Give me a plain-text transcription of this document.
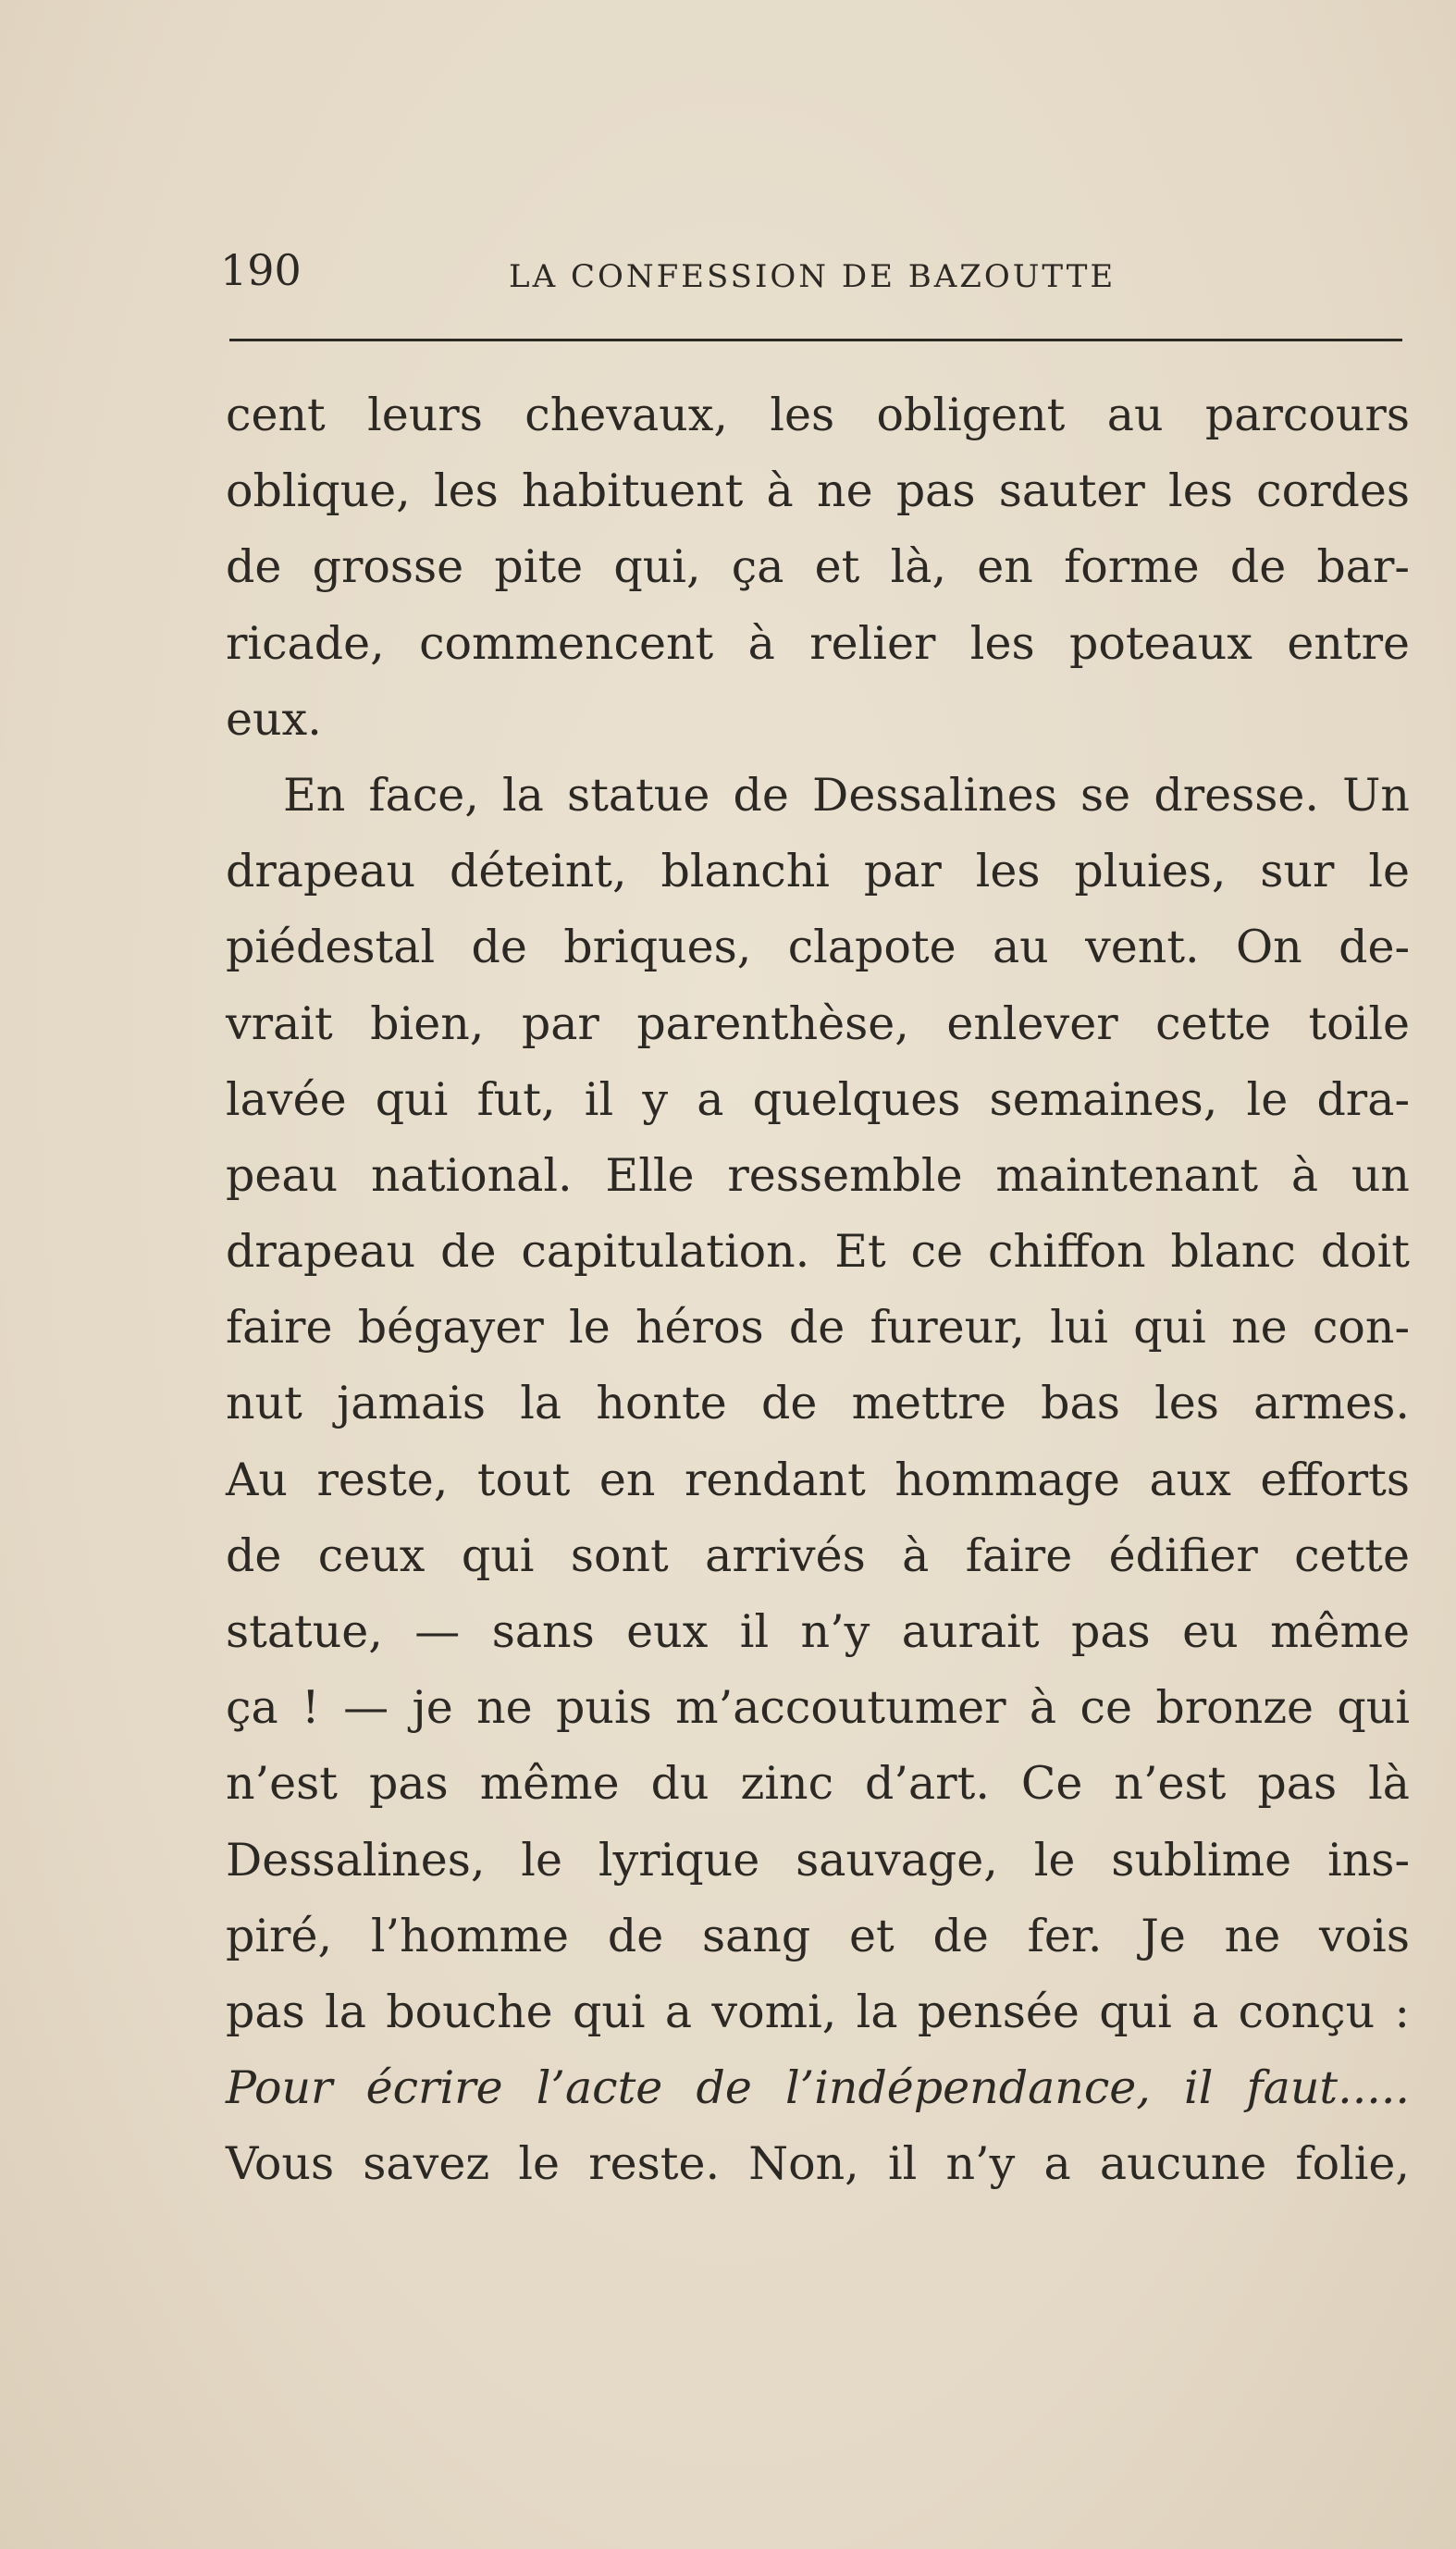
190	LA CONFESSION DE BAZOUTTE
cent leurs chevaux, les obligent au parcours
oblique, les habituent à ne pas sauter les cordes
de grosse pite qui, ça et là, en forme de bar-
ricade, commencent à relier les poteaux entre
eux.
En face, la statue de Dessalines se dresse. Un
drapeau déteint, blanchi par les pluies, sur le
piédestal de briques, clapote au vent. On de-
vrait bien, par parenthèse, enlever cette toile
lavée qui fut, il y a quelques semaines, le dra-
peau national. Elle ressemble maintenant à un
drapeau de capitulation. Et ce chiffon blanc doit
faire bégayer le héros de fureur, lui qui ne con-
nut jamais la honte de mettre bas les armes.
Au reste, tout en rendant hommage aux efforts
de ceux qui sont arrivés à faire édifier cette
statue, — sans eux il n’y aurait pas eu même
ça ! — je ne puis m’accoutumer à ce bronze qui
n’est pas même du zinc d’art. Ce n’est pas là
Dessalines, le lyrique sauvage, le sublime ins-
piré, l’homme de sang et de fer. Je ne vois
pas la bouche qui a vomi, la pensée qui a conçu :
Pour écrire l’acte de l’indépendance, il faut.....
Vous savez le reste. Non, il n’y a aucune folie,
